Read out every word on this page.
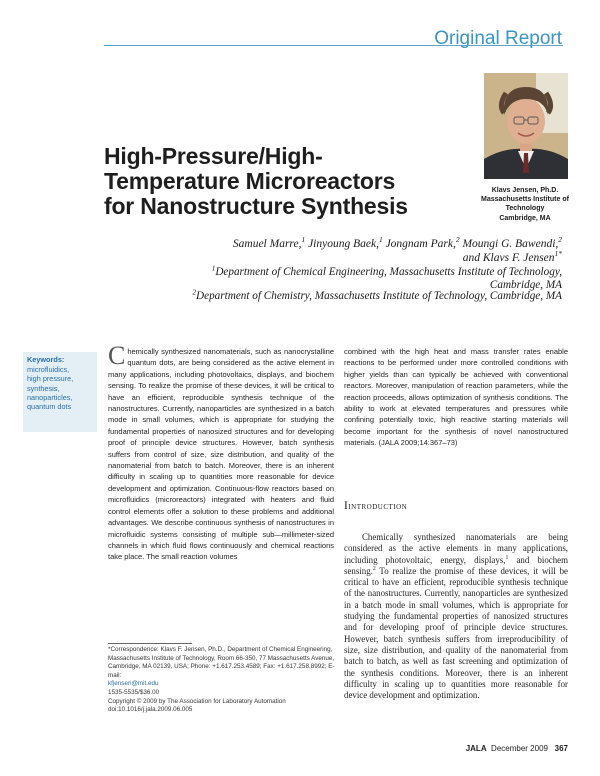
Original Report
Klavs Jensen, Ph.D.
Massachusetts Institute of
Technology
Cambridge, MA
High-Pressure/High-
Temperature Microreactors
for Nanostructure Synthesis
Samuel Marre,$^1$ Jinyoung Baek,$^1$ Jongnam Park,$^2$ Moungi G. Bawendi,$^2$
and Klavs F. Jensen$^{1*}$
$^1$Department of Chemical Engineering, Massachusetts Institute of Technology,
Cambridge, MA
$^2$Department of Chemistry, Massachusetts Institute of Technology, Cambridge, MA
Keywords:
microfluidics,
high pressure,
synthesis,
nanoparticles,
quantum dots
Chemically synthesized nanomaterials, such as nanocrystalline quantum dots, are being considered as the active element in many applications, including photovoltaics, displays, and biochem sensing. To realize the promise of these devices, it will be critical to have an efficient, reproducible synthesis technique of the nanostructures. Currently, nanoparticles are synthesized in a batch mode in small volumes, which is appropriate for studying the fundamental properties of nanosized structures and for developing proof of principle device structures. However, batch synthesis suffers from control of size, size distribution, and quality of the nanomaterial from batch to batch. Moreover, there is an inherent difficulty in scaling up to quantities more reasonable for device development and optimization. Continuous-flow reactors based on microfluidics (microreactors) integrated with heaters and fluid control elements offer a solution to these problems and additional advantages. We describe continuous synthesis of nanostructures in microfluidic systems consisting of multiple sub—millimeter-sized channels in which fluid flows continuously and chemical reactions take place. The small reaction volumes
combined with the high heat and mass transfer rates enable reactions to be performed under more controlled conditions with higher yields than can typically be achieved with conventional reactors. Moreover, manipulation of reaction parameters, while the reaction proceeds, allows optimization of synthesis conditions. The ability to work at elevated temperatures and pressures while confining potentially toxic, high reactive starting materials will become important for the synthesis of novel nanostructured materials. (JALA 2009;14:367–73)
Iintroduction

Chemically synthesized nanomaterials are being considered as the active elements in many applications, including photovoltaic, energy, displays,$^1$ and biochem sensing.$^2$ To realize the promise of these devices, it will be critical to have an efficient, reproducible synthesis technique of the nanostructures. Currently, nanoparticles are synthesized in a batch mode in small volumes, which is appropriate for studying the fundamental properties of nanosized structures and for developing proof of principle device structures. However, batch synthesis suffers from irreproducibility of size, size distribution, and quality of the nanomaterial from batch to batch, as well as fast screening and optimization of the synthesis conditions. Moreover, there is an inherent difficulty in scaling up to quantities more reasonable for device development and optimization.

*Correspondence: Klavs F. Jensen, Ph.D., Department of Chemical Engineering, Massachusetts Institute of Technology, Room 66-350, 77 Massachusetts Avenue, Cambridge, MA 02139, USA; Phone: +1.617.253.4589; Fax: +1.617.258.8992; E-mail:
kfjensen@mit.edu
1535-5535/$36.00
Copyright © 2009 by The Association for Laboratory Automation
doi:10.1016/j.jala.2009.06.005
JALA December 2009 367
